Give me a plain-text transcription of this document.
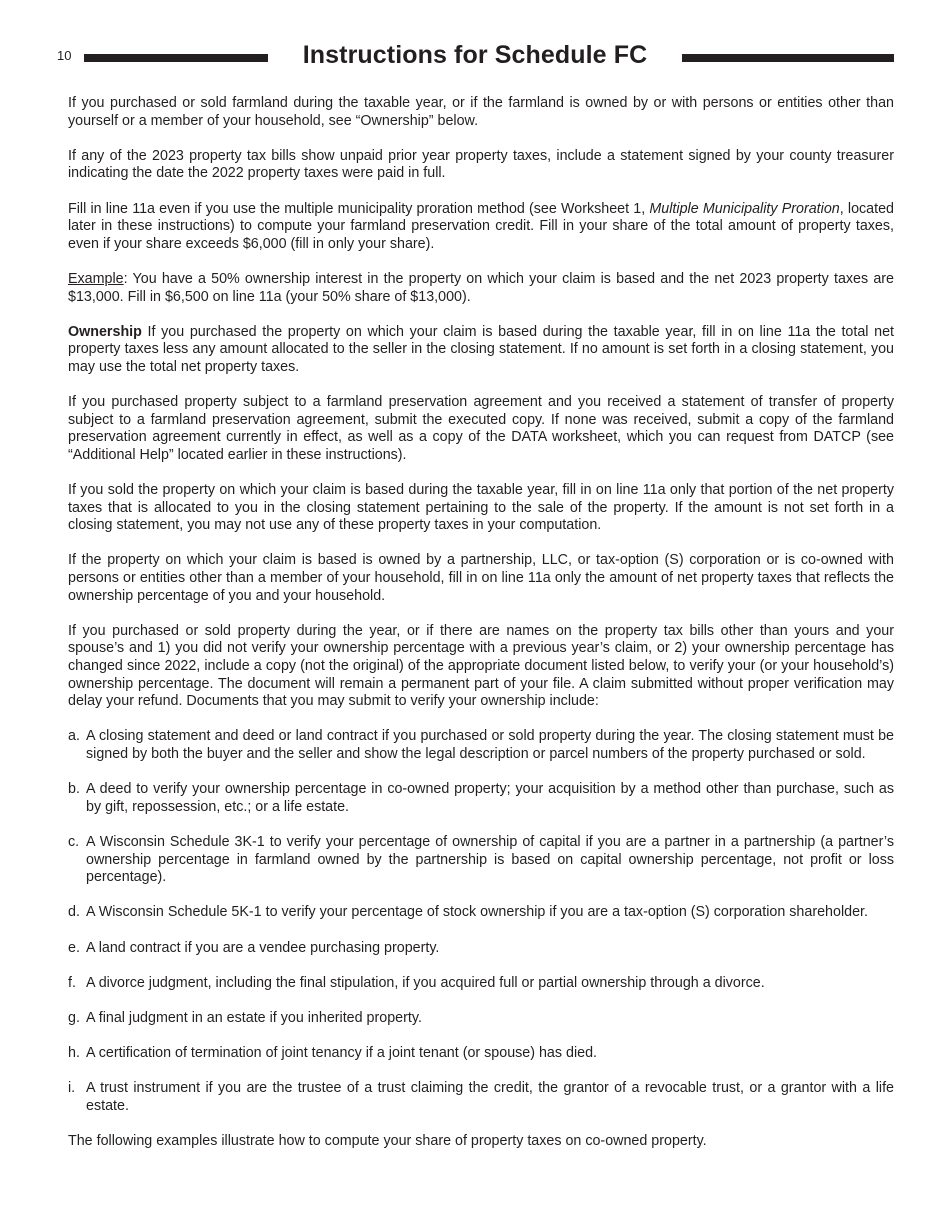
10	Instructions for Schedule FC

If you purchased or sold farmland during the taxable year, or if the farmland is owned by or with persons or entities other than yourself or a member of your household, see “Ownership” below.

If any of the 2023 property tax bills show unpaid prior year property taxes, include a statement signed by your county treasurer indicating the date the 2022 property taxes were paid in full.

Fill in line 11a even if you use the multiple municipality proration method (see Worksheet 1, Multiple Municipality Proration, located later in these instructions) to compute your farmland preservation credit. Fill in your share of the total amount of property taxes, even if your share exceeds $6,000 (fill in only your share).

Example: You have a 50% ownership interest in the property on which your claim is based and the net 2023 property taxes are $13,000. Fill in $6,500 on line 11a (your 50% share of $13,000).

Ownership If you purchased the property on which your claim is based during the taxable year, fill in on line 11a the total net property taxes less any amount allocated to the seller in the closing statement. If no amount is set forth in a closing statement, you may use the total net property taxes.

If you purchased property subject to a farmland preservation agreement and you received a statement of transfer of property subject to a farmland preservation agreement, submit the executed copy. If none was received, submit a copy of the farmland preservation agreement currently in effect, as well as a copy of the DATA worksheet, which you can request from DATCP (see “Additional Help” located earlier in these instructions).

If you sold the property on which your claim is based during the taxable year, fill in on line 11a only that portion of the net property taxes that is allocated to you in the closing statement pertaining to the sale of the property. If the amount is not set forth in a closing statement, you may not use any of these property taxes in your computation.

If the property on which your claim is based is owned by a partnership, LLC, or tax-option (S) corporation or is co-owned with persons or entities other than a member of your household, fill in on line 11a only the amount of net property taxes that reflects the ownership percentage of you and your household.

If you purchased or sold property during the year, or if there are names on the property tax bills other than yours and your spouse’s and 1) you did not verify your ownership percentage with a previous year’s claim, or 2) your ownership percentage has changed since 2022, include a copy (not the original) of the appropriate document listed below, to verify your (or your household’s) ownership percentage. The document will remain a permanent part of your file. A claim submitted without proper verification may delay your refund. Documents that you may submit to verify your ownership include:

a. A closing statement and deed or land contract if you purchased or sold property during the year. The closing statement must be signed by both the buyer and the seller and show the legal description or parcel numbers of the property purchased or sold.
b. A deed to verify your ownership percentage in co-owned property; your acquisition by a method other than purchase, such as by gift, repossession, etc.; or a life estate.
c. A Wisconsin Schedule 3K-1 to verify your percentage of ownership of capital if you are a partner in a partnership (a partner’s ownership percentage in farmland owned by the partnership is based on capital ownership percentage, not profit or loss percentage).
d. A Wisconsin Schedule 5K-1 to verify your percentage of stock ownership if you are a tax-option (S) corporation shareholder.
e. A land contract if you are a vendee purchasing property.
f. A divorce judgment, including the final stipulation, if you acquired full or partial ownership through a divorce.
g. A final judgment in an estate if you inherited property.
h. A certification of termination of joint tenancy if a joint tenant (or spouse) has died.
i. A trust instrument if you are the trustee of a trust claiming the credit, the grantor of a revocable trust, or a grantor with a life estate.

The following examples illustrate how to compute your share of property taxes on co-owned property.
